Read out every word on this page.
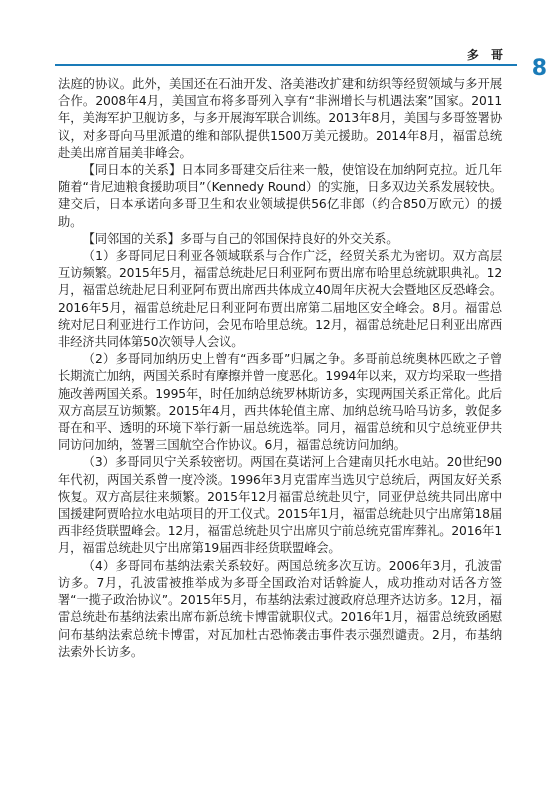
多 哥
8

法庭的协议。此外，美国还在石油开发、洛美港改扩建和纺织等经贸领域与多开展合作。2008年4月，美国宣布将多哥列入享有“非洲增长与机遇法案”国家。2011年，美海军护卫舰访多，与多开展海军联合训练。2013年8月，美国与多哥签署协议，对多哥向马里派遣的维和部队提供1500万美元援助。2014年8月，福雷总统赴美出席首届美非峰会。

【同日本的关系】日本同多哥建交后往来一般，使馆设在加纳阿克拉。近几年随着“肯尼迪粮食援助项目”（Kennedy Round）的实施，日多双边关系发展较快。建交后，日本承诺向多哥卫生和农业领域提供56亿非郎（约合850万欧元）的援助。

【同邻国的关系】多哥与自己的邻国保持良好的外交关系。

（1）多哥同尼日利亚各领域联系与合作广泛，经贸关系尤为密切。双方高层互访频繁。2015年5月，福雷总统赴尼日利亚阿布贾出席布哈里总统就职典礼。12月，福雷总统赴尼日利亚阿布贾出席西共体成立40周年庆祝大会暨地区反恐峰会。2016年5月，福雷总统赴尼日利亚阿布贾出席第二届地区安全峰会。8月。福雷总统对尼日利亚进行工作访问，会见布哈里总统。12月，福雷总统赴尼日利亚出席西非经济共同体第50次领导人会议。

（2）多哥同加纳历史上曾有“西多哥”归属之争。多哥前总统奥林匹欧之子曾长期流亡加纳，两国关系时有摩擦并曾一度恶化。1994年以来，双方均采取一些措施改善两国关系。1995年，时任加纳总统罗林斯访多，实现两国关系正常化。此后双方高层互访频繁。2015年4月，西共体轮值主席、加纳总统马哈马访多，敦促多哥在和平、透明的环境下举行新一届总统选举。同月，福雷总统和贝宁总统亚伊共同访问加纳，签署三国航空合作协议。6月，福雷总统访问加纳。

（3）多哥同贝宁关系较密切。两国在莫诺河上合建南贝托水电站。20世纪90年代初，两国关系曾一度冷淡。1996年3月克雷库当选贝宁总统后，两国友好关系恢复。双方高层往来频繁。2015年12月福雷总统赴贝宁，同亚伊总统共同出席中国援建阿贾哈拉水电站项目的开工仪式。2015年1月，福雷总统赴贝宁出席第18届西非经货联盟峰会。12月，福雷总统赴贝宁出席贝宁前总统克雷库葬礼。2016年1月，福雷总统赴贝宁出席第19届西非经货联盟峰会。

（4）多哥同布基纳法索关系较好。两国总统多次互访。2006年3月，孔波雷访多。7月，孔波雷被推举成为多哥全国政治对话斡旋人，成功推动对话各方签署“一揽子政治协议”。2015年5月，布基纳法索过渡政府总理齐达访多。12月，福雷总统赴布基纳法索出席布新总统卡博雷就职仪式。2016年1月，福雷总统致函慰问布基纳法索总统卡博雷，对瓦加杜古恐怖袭击事件表示强烈谴责。2月，布基纳法索外长访多。
